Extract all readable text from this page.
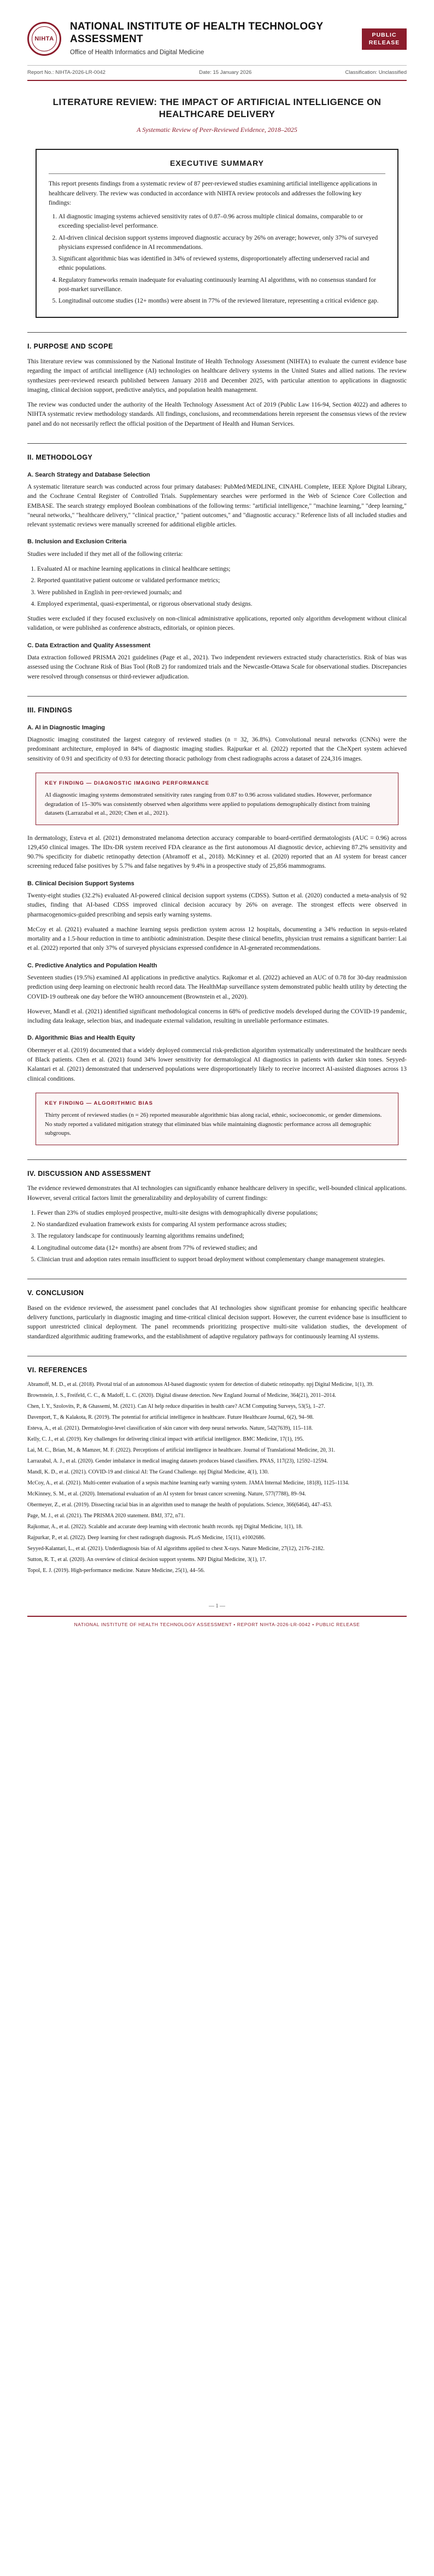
NIHTA
NATIONAL INSTITUTE OF HEALTH TECHNOLOGY ASSESSMENT
Office of Health Informatics and Digital Medicine
PUBLIC RELEASE
Report No.: NIHTA-2026-LR-0042	Date: 15 January 2026	Classification: Unclassified
LITERATURE REVIEW: THE IMPACT OF ARTIFICIAL INTELLIGENCE ON HEALTHCARE DELIVERY
A Systematic Review of Peer-Reviewed Evidence, 2018–2025
EXECUTIVE SUMMARY

This report presents findings from a systematic review of 87 peer-reviewed studies examining artificial intelligence applications in healthcare delivery. The review was conducted in accordance with NIHTA review protocols and addresses the following key findings:

1. AI diagnostic imaging systems achieved sensitivity rates of 0.87–0.96 across multiple clinical domains, comparable to or exceeding specialist-level performance.
2. AI-driven clinical decision support systems improved diagnostic accuracy by 26% on average; however, only 37% of surveyed physicians expressed confidence in AI recommendations.
3. Significant algorithmic bias was identified in 34% of reviewed systems, disproportionately affecting underserved racial and ethnic populations.
4. Regulatory frameworks remain inadequate for evaluating continuously learning AI algorithms, with no consensus standard for post-market surveillance.
5. Longitudinal outcome studies (12+ months) were absent in 77% of the reviewed literature, representing a critical evidence gap.
I. PURPOSE AND SCOPE

This literature review was commissioned by the National Institute of Health Technology Assessment (NIHTA) to evaluate the current evidence base regarding the impact of artificial intelligence (AI) technologies on healthcare delivery systems in the United States and allied nations. The review synthesizes peer-reviewed research published between January 2018 and December 2025, with particular attention to applications in diagnostic imaging, clinical decision support, predictive analytics, and population health management.

The review was conducted under the authority of the Health Technology Assessment Act of 2019 (Public Law 116-94, Section 4022) and adheres to NIHTA systematic review methodology standards. All findings, conclusions, and recommendations herein represent the consensus views of the review panel and do not necessarily reflect the official position of the Department of Health and Human Services.

II. METHODOLOGY
A. Search Strategy and Database Selection

A systematic literature search was conducted across four primary databases: PubMed/MEDLINE, CINAHL Complete, IEEE Xplore Digital Library, and the Cochrane Central Register of Controlled Trials. Supplementary searches were performed in the Web of Science Core Collection and EMBASE. The search strategy employed Boolean combinations of the following terms: "artificial intelligence," "machine learning," "deep learning," "neural networks," "healthcare delivery," "clinical practice," "patient outcomes," and "diagnostic accuracy." Reference lists of all included studies and relevant systematic reviews were manually screened for additional eligible articles.

B. Inclusion and Exclusion Criteria

Studies were included if they met all of the following criteria:

1. Evaluated AI or machine learning applications in clinical healthcare settings;
2. Reported quantitative patient outcome or validated performance metrics;
3. Were published in English in peer-reviewed journals; and
4. Employed experimental, quasi-experimental, or rigorous observational study designs.

Studies were excluded if they focused exclusively on non-clinical administrative applications, reported only algorithm development without clinical validation, or were published as conference abstracts, editorials, or opinion pieces.

C. Data Extraction and Quality Assessment

Data extraction followed PRISMA 2021 guidelines (Page et al., 2021). Two independent reviewers extracted study characteristics. Risk of bias was assessed using the Cochrane Risk of Bias Tool (RoB 2) for randomized trials and the Newcastle-Ottawa Scale for observational studies. Discrepancies were resolved through consensus or third-reviewer adjudication.

III. FINDINGS
A. AI in Diagnostic Imaging

Diagnostic imaging constituted the largest category of reviewed studies (n = 32, 36.8%). Convolutional neural networks (CNNs) were the predominant architecture, employed in 84% of diagnostic imaging studies. Rajpurkar et al. (2022) reported that the CheXpert system achieved sensitivity of 0.91 and specificity of 0.93 for detecting thoracic pathology from chest radiographs across a dataset of 224,316 images.

KEY FINDING — DIAGNOSTIC IMAGING PERFORMANCE

AI diagnostic imaging systems demonstrated sensitivity rates ranging from 0.87 to 0.96 across validated studies. However, performance degradation of 15–30% was consistently observed when algorithms were applied to populations demographically distinct from training datasets (Larrazabal et al., 2020; Chen et al., 2021).

In dermatology, Esteva et al. (2021) demonstrated melanoma detection accuracy comparable to board-certified dermatologists (AUC = 0.96) across 129,450 clinical images. The IDx-DR system received FDA clearance as the first autonomous AI diagnostic device, achieving 87.2% sensitivity and 90.7% specificity for diabetic retinopathy detection (Abramoff et al., 2018). McKinney et al. (2020) reported that an AI system for breast cancer screening reduced false positives by 5.7% and false negatives by 9.4% in a prospective study of 25,856 mammograms.

B. Clinical Decision Support Systems

Twenty-eight studies (32.2%) evaluated AI-powered clinical decision support systems (CDSS). Sutton et al. (2020) conducted a meta-analysis of 92 studies, finding that AI-based CDSS improved clinical decision accuracy by 26% on average. The strongest effects were observed in pharmacogenomics-guided prescribing and sepsis early warning systems.

McCoy et al. (2021) evaluated a machine learning sepsis prediction system across 12 hospitals, documenting a 34% reduction in sepsis-related mortality and a 1.5-hour reduction in time to antibiotic administration. Despite these clinical benefits, physician trust remains a significant barrier: Lai et al. (2022) reported that only 37% of surveyed physicians expressed confidence in AI-generated recommendations.

C. Predictive Analytics and Population Health

Seventeen studies (19.5%) examined AI applications in predictive analytics. Rajkomar et al. (2022) achieved an AUC of 0.78 for 30-day readmission prediction using deep learning on electronic health record data. The HealthMap surveillance system demonstrated public health utility by detecting the COVID-19 outbreak one day before the WHO announcement (Brownstein et al., 2020).

However, Mandl et al. (2021) identified significant methodological concerns in 68% of predictive models developed during the COVID-19 pandemic, including data leakage, selection bias, and inadequate external validation, resulting in unreliable performance estimates.

D. Algorithmic Bias and Health Equity

Obermeyer et al. (2019) documented that a widely deployed commercial risk-prediction algorithm systematically underestimated the healthcare needs of Black patients. Chen et al. (2021) found 34% lower sensitivity for dermatological AI diagnostics in patients with darker skin tones. Seyyed-Kalantari et al. (2021) demonstrated that underserved populations were disproportionately likely to receive incorrect AI-assisted diagnoses across 13 clinical conditions.

KEY FINDING — ALGORITHMIC BIAS

Thirty percent of reviewed studies (n = 26) reported measurable algorithmic bias along racial, ethnic, socioeconomic, or gender dimensions. No study reported a validated mitigation strategy that eliminated bias while maintaining diagnostic performance across all demographic subgroups.

IV. DISCUSSION AND ASSESSMENT

The evidence reviewed demonstrates that AI technologies can significantly enhance healthcare delivery in specific, well-bounded clinical applications. However, several critical factors limit the generalizability and deployability of current findings:

1. Fewer than 23% of studies employed prospective, multi-site designs with demographically diverse populations;
2. No standardized evaluation framework exists for comparing AI system performance across studies;
3. The regulatory landscape for continuously learning algorithms remains undefined;
4. Longitudinal outcome data (12+ months) are absent from 77% of reviewed studies; and
5. Clinician trust and adoption rates remain insufficient to support broad deployment without complementary change management strategies.
V. CONCLUSION

Based on the evidence reviewed, the assessment panel concludes that AI technologies show significant promise for enhancing specific healthcare delivery functions, particularly in diagnostic imaging and time-critical clinical decision support. However, the current evidence base is insufficient to support unrestricted clinical deployment. The panel recommends prioritizing prospective multi-site validation studies, the development of standardized algorithmic auditing frameworks, and the establishment of adaptive regulatory pathways for continuously learning AI systems.

VI. REFERENCES
Abramoff, M. D., et al. (2018). Pivotal trial of an autonomous AI-based diagnostic system for detection of diabetic retinopathy. npj Digital Medicine, 1(1), 39.
Brownstein, J. S., Freifeld, C. C., & Madoff, L. C. (2020). Digital disease detection. New England Journal of Medicine, 364(21), 2011–2014.
Chen, I. Y., Szolovits, P., & Ghassemi, M. (2021). Can AI help reduce disparities in health care? ACM Computing Surveys, 53(5), 1–27.
Davenport, T., & Kalakota, R. (2019). The potential for artificial intelligence in healthcare. Future Healthcare Journal, 6(2), 94–98.
Esteva, A., et al. (2021). Dermatologist-level classification of skin cancer with deep neural networks. Nature, 542(7639), 115–118.
Kelly, C. J., et al. (2019). Key challenges for delivering clinical impact with artificial intelligence. BMC Medicine, 17(1), 195.
Lai, M. C., Brian, M., & Mamzer, M. F. (2022). Perceptions of artificial intelligence in healthcare. Journal of Translational Medicine, 20, 31.
Larrazabal, A. J., et al. (2020). Gender imbalance in medical imaging datasets produces biased classifiers. PNAS, 117(23), 12592–12594.
Mandl, K. D., et al. (2021). COVID-19 and clinical AI: The Grand Challenge. npj Digital Medicine, 4(1), 130.
McCoy, A., et al. (2021). Multi-center evaluation of a sepsis machine learning early warning system. JAMA Internal Medicine, 181(8), 1125–1134.
McKinney, S. M., et al. (2020). International evaluation of an AI system for breast cancer screening. Nature, 577(7788), 89–94.
Obermeyer, Z., et al. (2019). Dissecting racial bias in an algorithm used to manage the health of populations. Science, 366(6464), 447–453.
Page, M. J., et al. (2021). The PRISMA 2020 statement. BMJ, 372, n71.
Rajkomar, A., et al. (2022). Scalable and accurate deep learning with electronic health records. npj Digital Medicine, 1(1), 18.
Rajpurkar, P., et al. (2022). Deep learning for chest radiograph diagnosis. PLoS Medicine, 15(11), e1002686.
Seyyed-Kalantari, L., et al. (2021). Underdiagnosis bias of AI algorithms applied to chest X-rays. Nature Medicine, 27(12), 2176–2182.
Sutton, R. T., et al. (2020). An overview of clinical decision support systems. NPJ Digital Medicine, 3(1), 17.
Topol, E. J. (2019). High-performance medicine. Nature Medicine, 25(1), 44–56.
— 1 —
NATIONAL INSTITUTE OF HEALTH TECHNOLOGY ASSESSMENT • REPORT NIHTA-2026-LR-0042 • PUBLIC RELEASE
